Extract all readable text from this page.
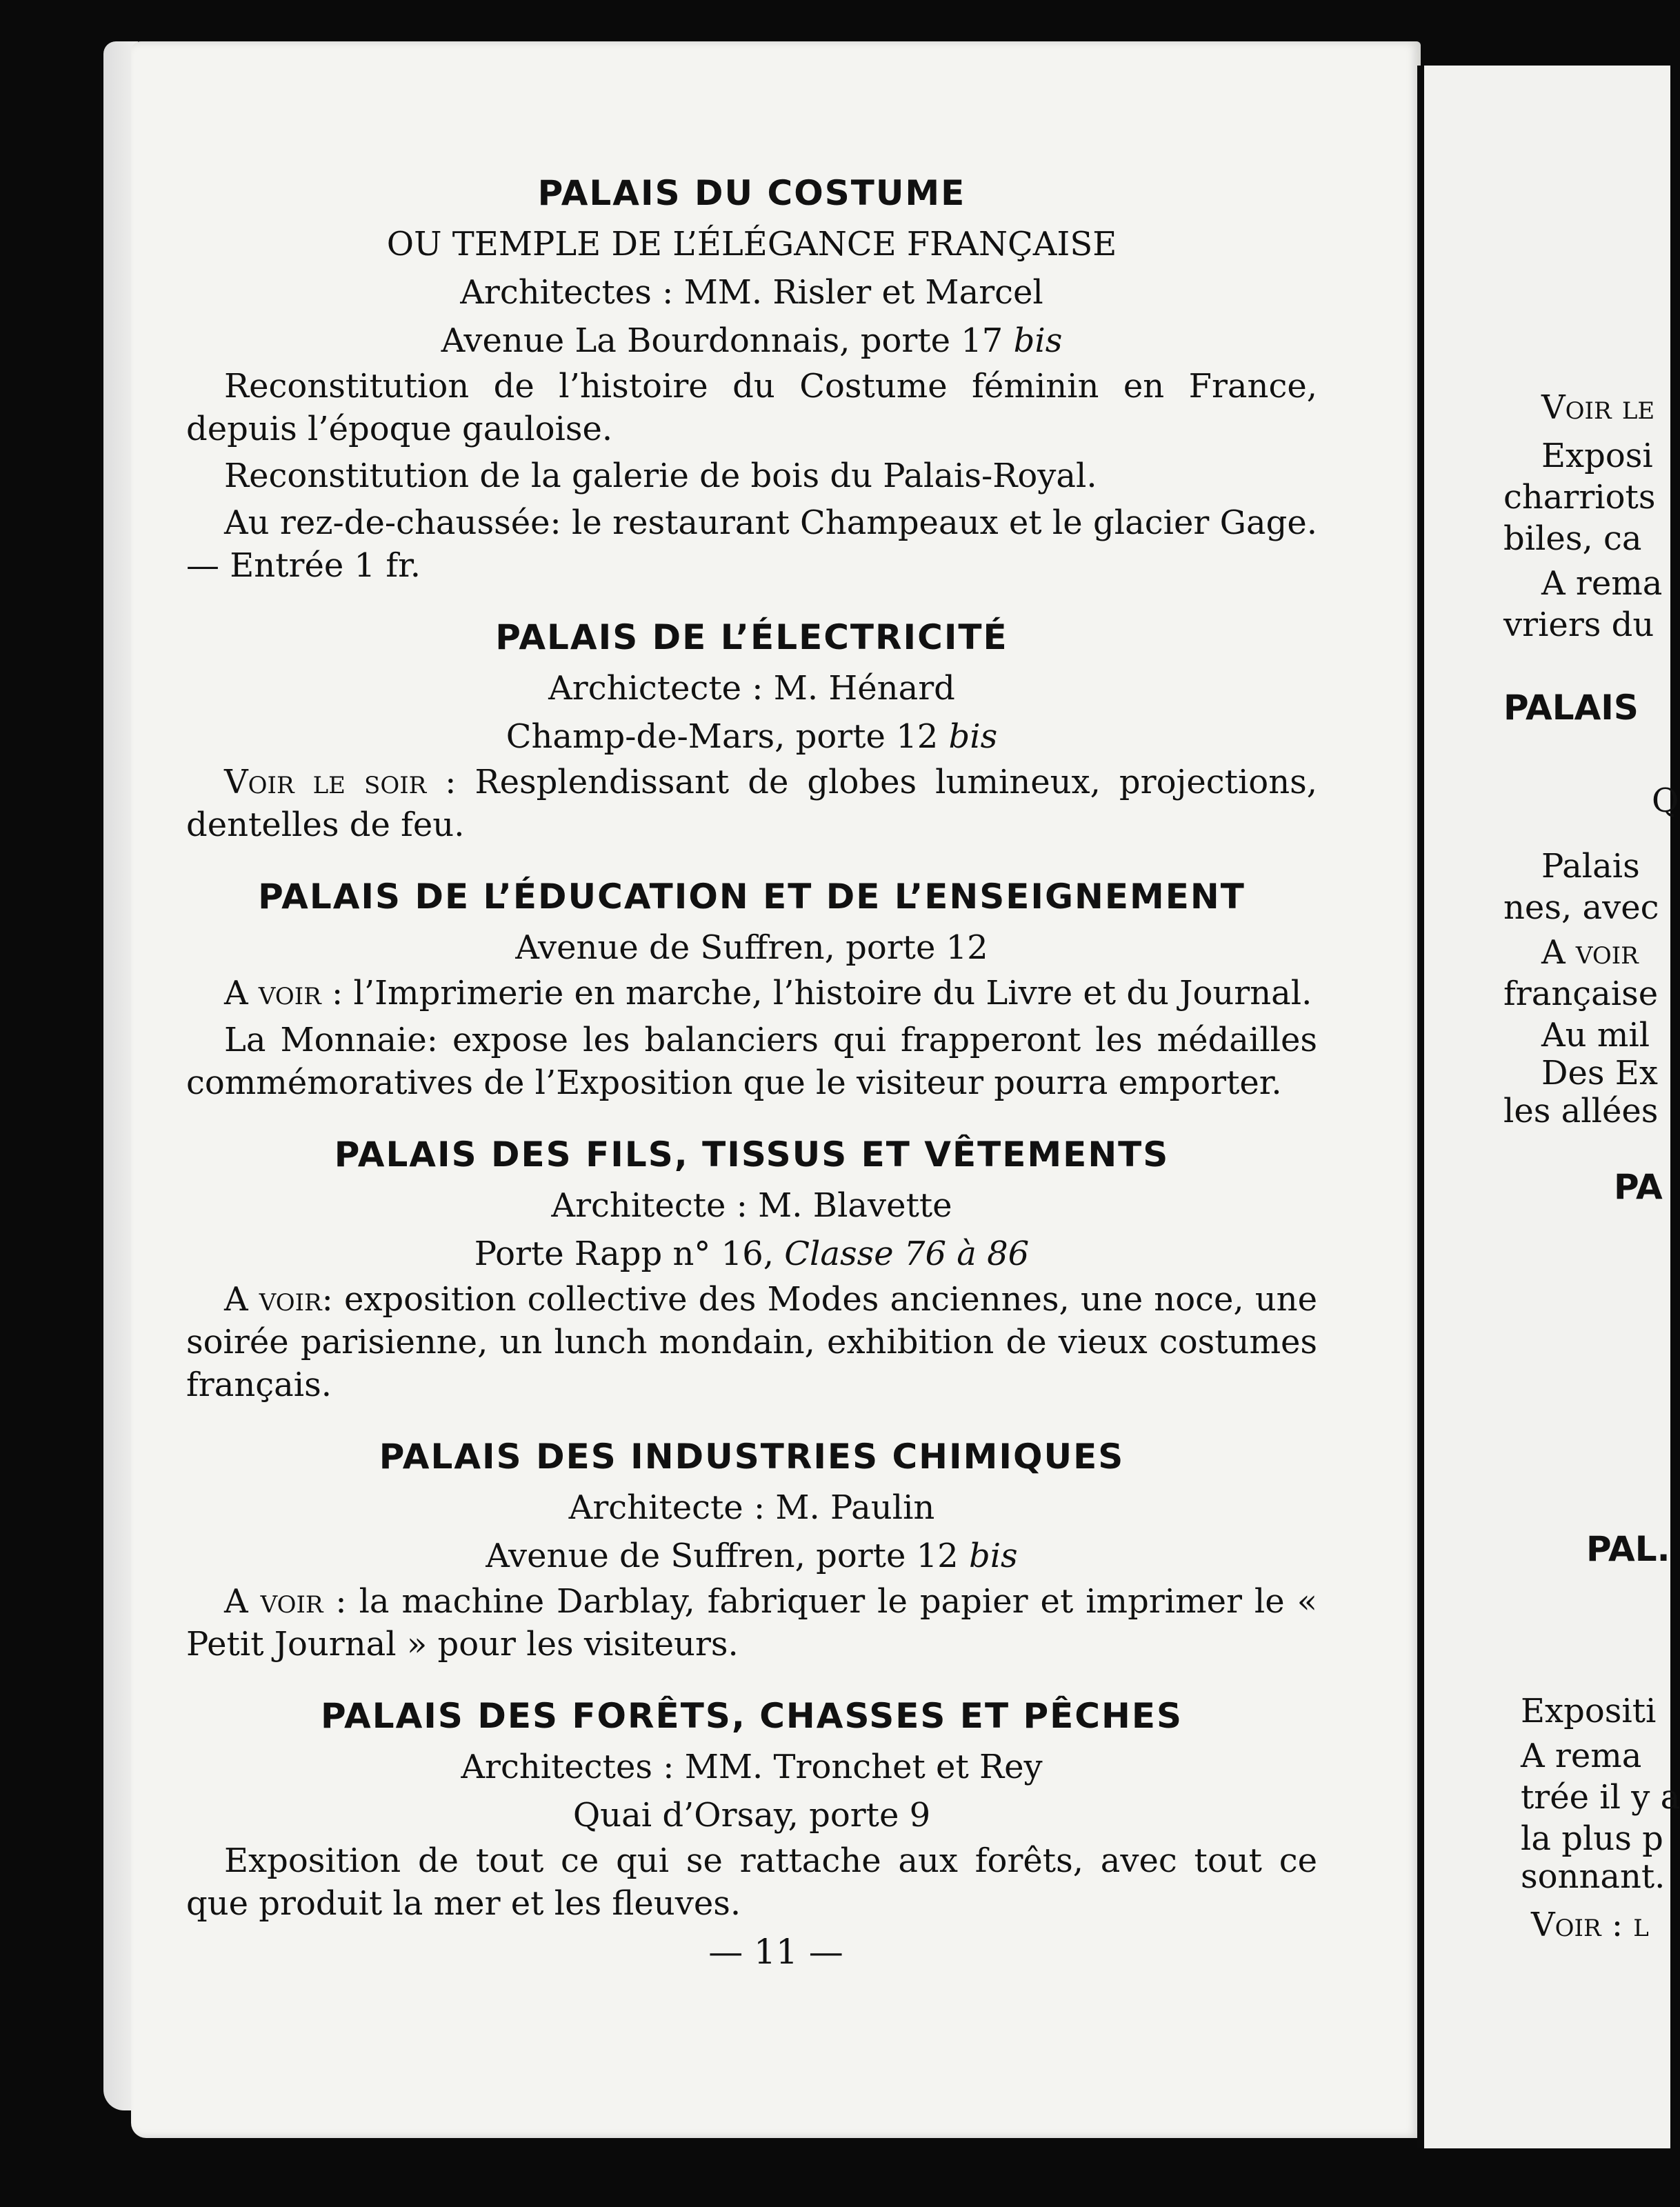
PALAIS DU COSTUME
OU TEMPLE DE L’ÉLÉGANCE FRANÇAISE
Architectes : MM. Risler et Marcel
Avenue La Bourdonnais, porte 17 bis

Reconstitution de l’histoire du Costume féminin en France, depuis l’époque gauloise.

Reconstitution de la galerie de bois du Palais-Royal.

Au rez-de-chaussée: le restaurant Champeaux et le glacier Gage. — Entrée 1 fr.

PALAIS DE L’ÉLECTRICITÉ
Archictecte : M. Hénard
Champ-de-Mars, porte 12 bis

Voir le soir : Resplendissant de globes lumineux, projections, dentelles de feu.

PALAIS DE L’ÉDUCATION ET DE L’ENSEIGNEMENT
Avenue de Suffren, porte 12

A voir : l’Imprimerie en marche, l’histoire du Livre et du Journal.

La Monnaie: expose les balanciers qui frapperont les médailles commémoratives de l’Exposition que le visiteur pourra emporter.

PALAIS DES FILS, TISSUS ET VÊTEMENTS
Architecte : M. Blavette
Porte Rapp n° 16, Classe 76 à 86

A voir: exposition collective des Modes anciennes, une noce, une soirée parisienne, un lunch mondain, exhibition de vieux costumes français.

PALAIS DES INDUSTRIES CHIMIQUES
Architecte : M. Paulin
Avenue de Suffren, porte 12 bis

A voir : la machine Darblay, fabriquer le papier et imprimer le « Petit Journal » pour les visiteurs.

PALAIS DES FORÊTS, CHASSES ET PÊCHES
Architectes : MM. Tronchet et Rey
Quai d’Orsay, porte 9

Exposition de tout ce qui se rattache aux forêts, avec tout ce que produit la mer et les fleuves.

— 11 —
Voir le
Exposi
charriots
biles, ca
A rema
vriers du
PALAIS
Q
Palais
nes, avec
A voir
française
Au mil
Des Ex
les allées
PA
PAL.
Expositi
A rema
trée il y a
la plus p
sonnant.
Voir : l
